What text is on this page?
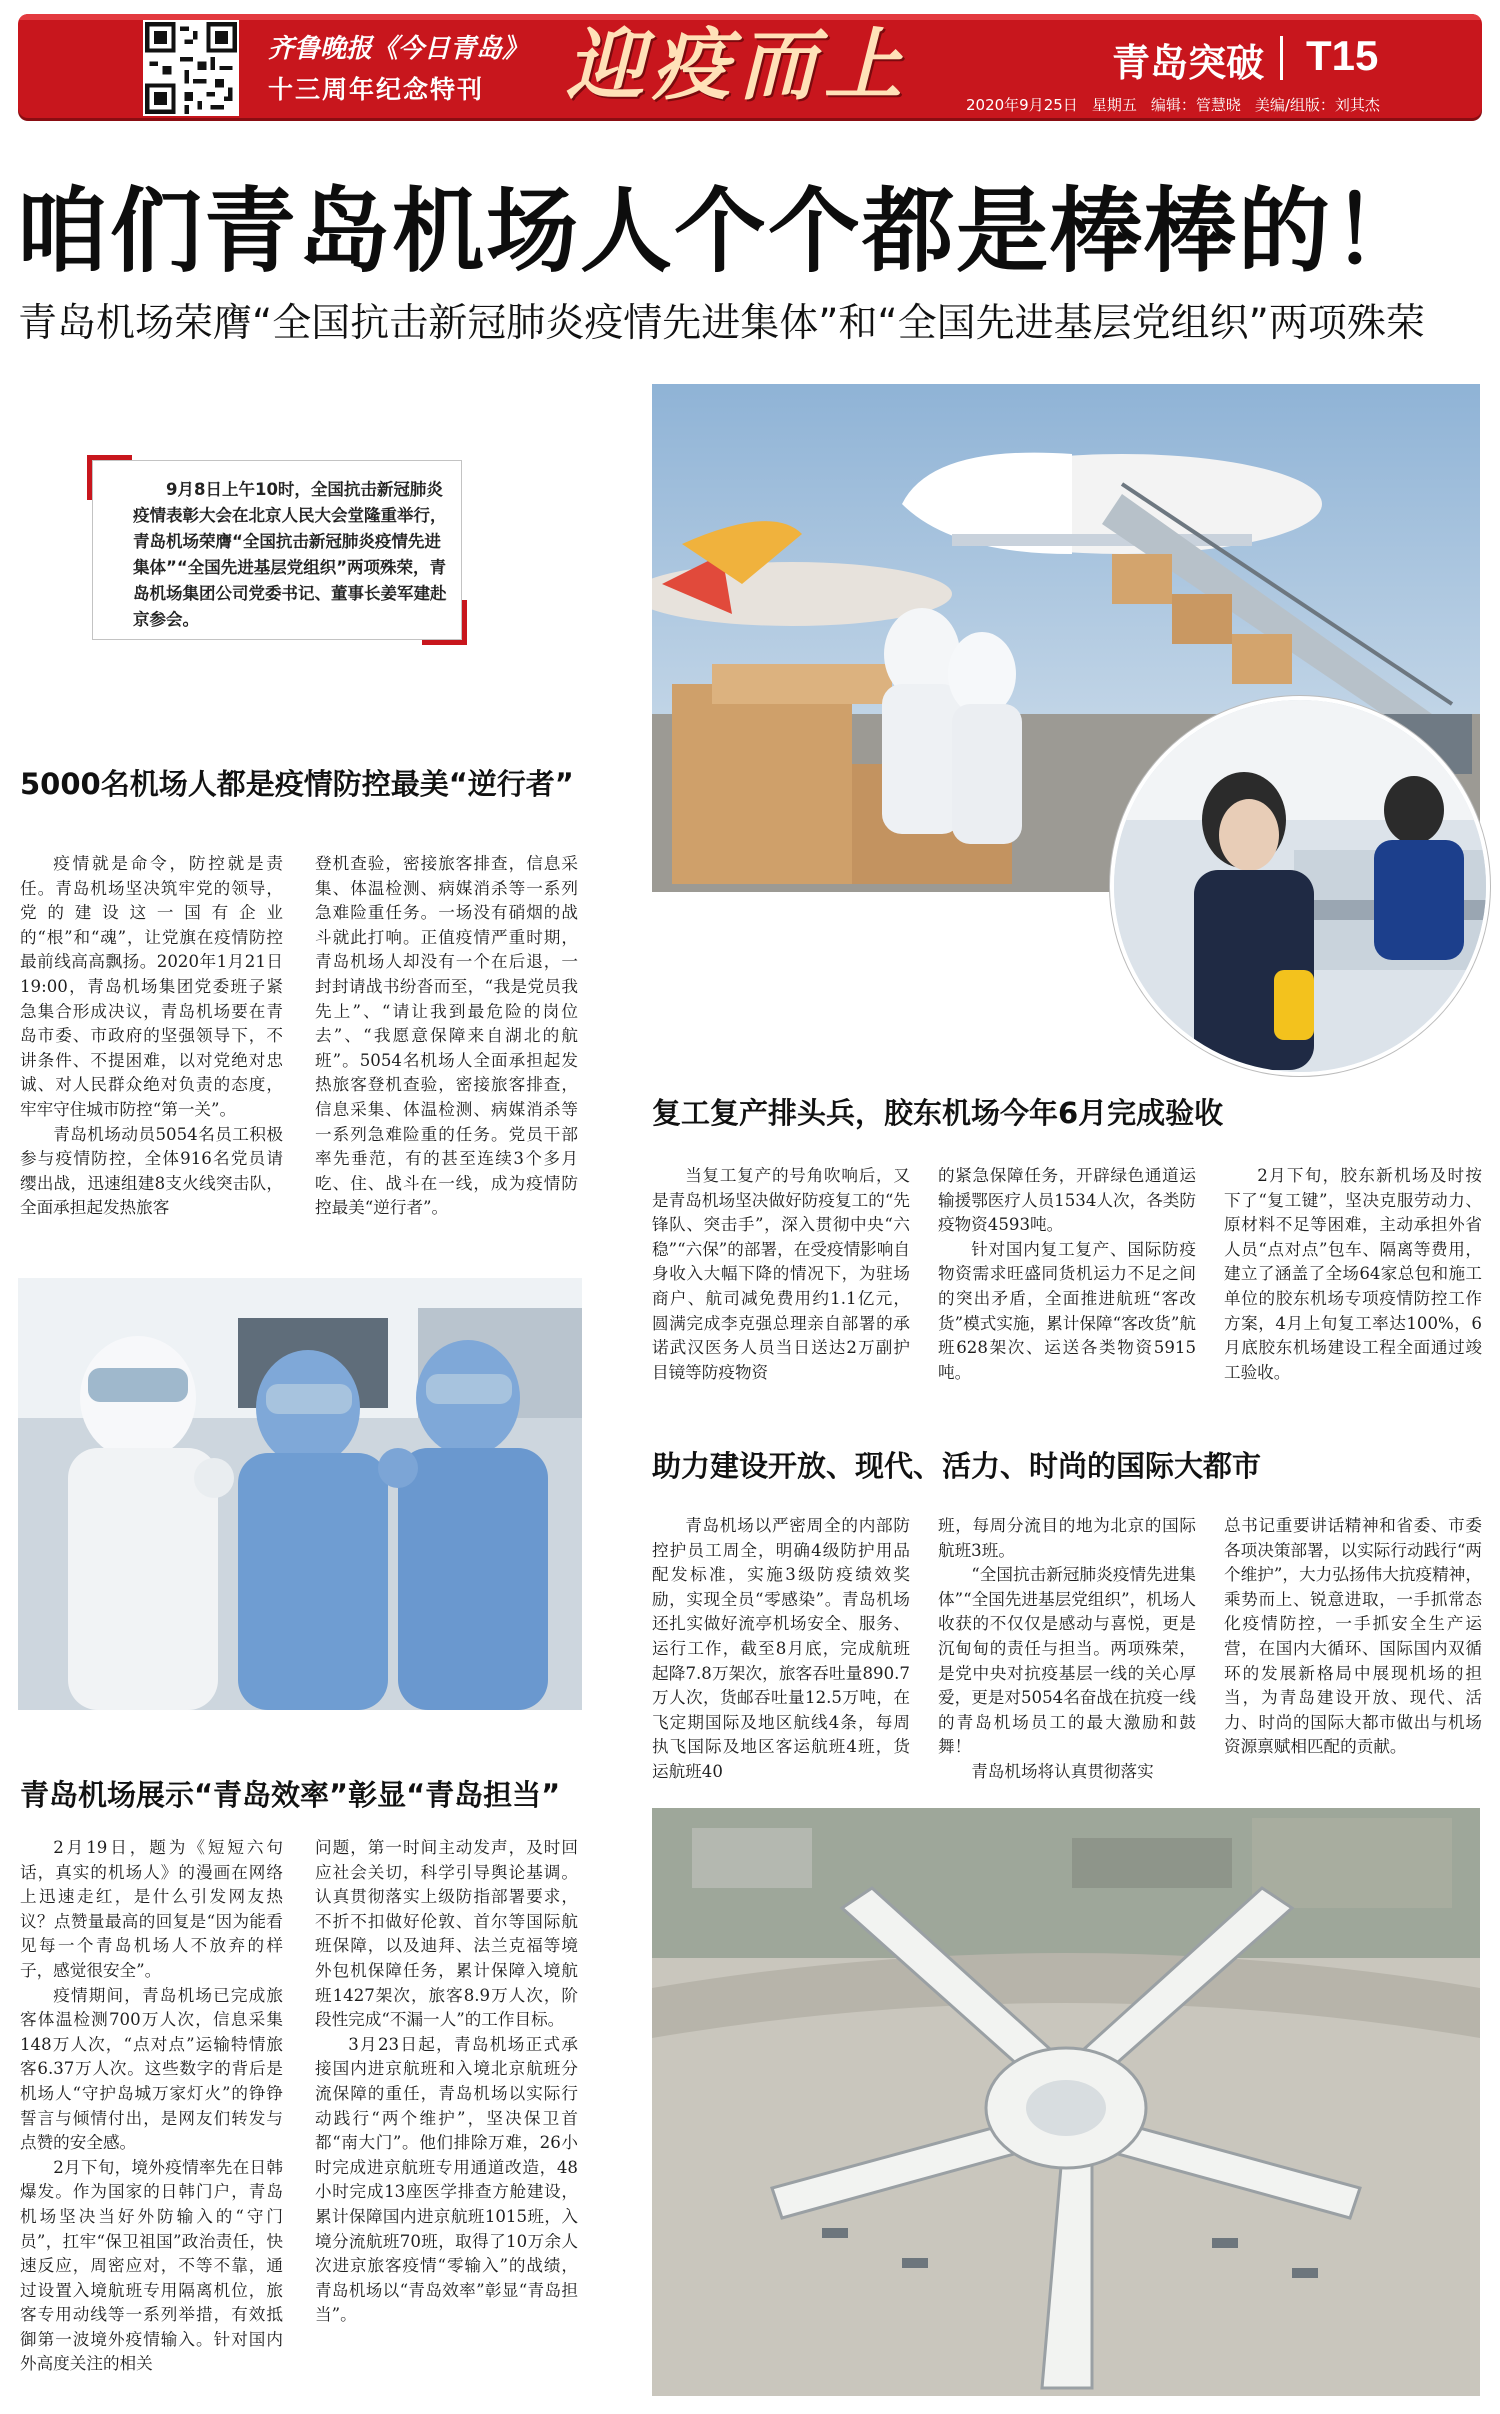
齐鲁晚报《今日青岛》
十三周年纪念特刊 迎疫而上	青岛突破 T15
2020年9月25日 星期五 编辑：管慧晓 美编/组版：刘其杰
咱们青岛机场人个个都是棒棒的！
青岛机场荣膺“全国抗击新冠肺炎疫情先进集体”和“全国先进基层党组织”两项殊荣
9月8日上午10时，全国抗击新冠肺炎疫情表彰大会在北京人民大会堂隆重举行，青岛机场荣膺“全国抗击新冠肺炎疫情先进集体”“全国先进基层党组织”两项殊荣，青岛机场集团公司党委书记、董事长姜军建赴京参会。
5000名机场人都是疫情防控最美“逆行者”

疫情就是命令，防控就是责任。青岛机场坚决筑牢党的领导，党的建设这一国有企业的“根”和“魂”，让党旗在疫情防控最前线高高飘扬。2020年1月21日19:00，青岛机场集团党委班子紧急集合形成决议，青岛机场要在青岛市委、市政府的坚强领导下，不讲条件、不提困难，以对党绝对忠诚、对人民群众绝对负责的态度，牢牢守住城市防控“第一关”。

青岛机场动员5054名员工积极参与疫情防控，全体916名党员请缨出战，迅速组建8支火线突击队，全面承担起发热旅客

登机查验，密接旅客排查，信息采集、体温检测、病媒消杀等一系列急难险重任务。一场没有硝烟的战斗就此打响。正值疫情严重时期，青岛机场人却没有一个在后退，一封封请战书纷沓而至，“我是党员我先上”、“请让我到最危险的岗位去”、“我愿意保障来自湖北的航班”。5054名机场人全面承担起发热旅客登机查验，密接旅客排查，信息采集、体温检测、病媒消杀等一系列急难险重的任务。党员干部率先垂范，有的甚至连续3个多月吃、住、战斗在一线，成为疫情防控最美“逆行者”。

复工复产排头兵，胶东机场今年6月完成验收

当复工复产的号角吹响后，又是青岛机场坚决做好防疫复工的“先锋队、突击手”，深入贯彻中央“六稳”“六保”的部署，在受疫情影响自身收入大幅下降的情况下，为驻场商户、航司减免费用约1.1亿元，圆满完成李克强总理亲自部署的承诺武汉医务人员当日送达2万副护目镜等防疫物资

的紧急保障任务，开辟绿色通道运输援鄂医疗人员1534人次，各类防疫物资4593吨。

针对国内复工复产、国际防疫物资需求旺盛同货机运力不足之间的突出矛盾，全面推进航班“客改货”模式实施，累计保障“客改货”航班628架次、运送各类物资5915吨。

2月下旬，胶东新机场及时按下了“复工键”，坚决克服劳动力、原材料不足等困难，主动承担外省人员“点对点”包车、隔离等费用，建立了涵盖了全场64家总包和施工单位的胶东机场专项疫情防控工作方案，4月上旬复工率达100%，6月底胶东机场建设工程全面通过竣工验收。

助力建设开放、现代、活力、时尚的国际大都市

青岛机场以严密周全的内部防控护员工周全，明确4级防护用品配发标准，实施3级防疫绩效奖励，实现全员“零感染”。青岛机场还扎实做好流亭机场安全、服务、运行工作，截至8月底，完成航班起降7.8万架次，旅客吞吐量890.7万人次，货邮吞吐量12.5万吨，在飞定期国际及地区航线4条，每周执飞国际及地区客运航班4班，货运航班40

班，每周分流目的地为北京的国际航班3班。

“全国抗击新冠肺炎疫情先进集体”“全国先进基层党组织”，机场人收获的不仅仅是感动与喜悦，更是沉甸甸的责任与担当。两项殊荣，是党中央对抗疫基层一线的关心厚爱，更是对5054名奋战在抗疫一线的青岛机场员工的最大激励和鼓舞！

青岛机场将认真贯彻落实

总书记重要讲话精神和省委、市委各项决策部署，以实际行动践行“两个维护”，大力弘扬伟大抗疫精神，乘势而上、锐意进取，一手抓常态化疫情防控，一手抓安全生产运营，在国内大循环、国际国内双循环的发展新格局中展现机场的担当，为青岛建设开放、现代、活力、时尚的国际大都市做出与机场资源禀赋相匹配的贡献。

青岛机场展示“青岛效率”彰显“青岛担当”

2月19日，题为《短短六句话，真实的机场人》的漫画在网络上迅速走红，是什么引发网友热议？点赞量最高的回复是“因为能看见每一个青岛机场人不放弃的样子，感觉很安全”。

疫情期间，青岛机场已完成旅客体温检测700万人次，信息采集148万人次，“点对点”运输特情旅客6.37万人次。这些数字的背后是机场人“守护岛城万家灯火”的铮铮誓言与倾情付出，是网友们转发与点赞的安全感。

2月下旬，境外疫情率先在日韩爆发。作为国家的日韩门户，青岛机场坚决当好外防输入的“守门员”，扛牢“保卫祖国”政治责任，快速反应，周密应对，不等不靠，通过设置入境航班专用隔离机位，旅客专用动线等一系列举措，有效抵御第一波境外疫情输入。针对国内外高度关注的相关

问题，第一时间主动发声，及时回应社会关切，科学引导舆论基调。认真贯彻落实上级防指部署要求，不折不扣做好伦敦、首尔等国际航班保障，以及迪拜、法兰克福等境外包机保障任务，累计保障入境航班1427架次，旅客8.9万人次，阶段性完成“不漏一人”的工作目标。

3月23日起，青岛机场正式承接国内进京航班和入境北京航班分流保障的重任，青岛机场以实际行动践行“两个维护”，坚决保卫首都“南大门”。他们排除万难，26小时完成进京航班专用通道改造，48小时完成13座医学排查方舱建设，累计保障国内进京航班1015班，入境分流航班70班，取得了10万余人次进京旅客疫情“零输入”的战绩，青岛机场以“青岛效率”彰显“青岛担当”。
